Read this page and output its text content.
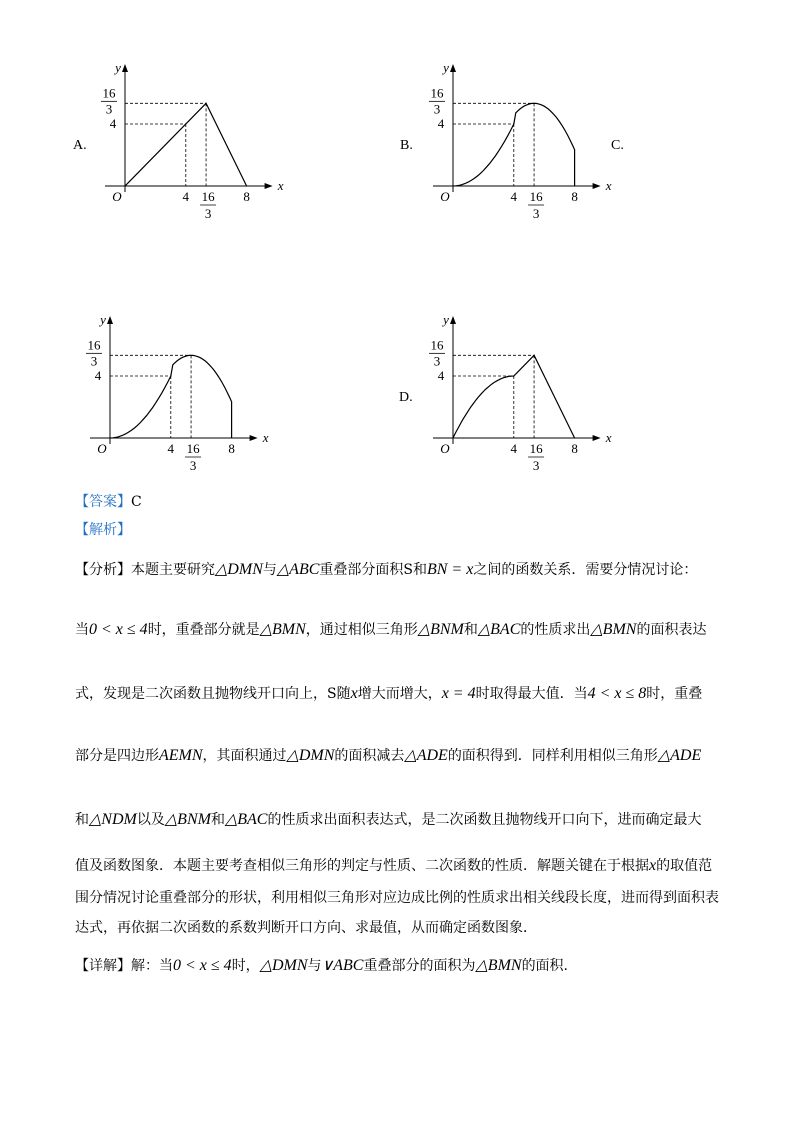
y
x
O
16
3
4
4 16
3
8
A.
y
x
O
16
3
4
4 16
3
8
B.	C.
y
x
O
16
3
4
4 16
3
8
y
x
O
16
3
4
4 16
3
8
D.
【答案】C
【解析】
【分析】本题主要研究△DMN与△ABC重叠部分面积S和BN = x之间的函数关系．需要分情况讨论：
当0 < x ≤ 4时，重叠部分就是△BMN，通过相似三角形△BNM和△BAC的性质求出△BMN的面积表达
式，发现是二次函数且抛物线开口向上，S随x增大而增大，x = 4时取得最大值．当4 < x ≤ 8时，重叠
部分是四边形AEMN，其面积通过△DMN的面积减去△ADE的面积得到．同样利用相似三角形△ADE
和△NDM以及△BNM和△BAC的性质求出面积表达式，是二次函数且抛物线开口向下，进而确定最大
值及函数图象．本题主要考查相似三角形的判定与性质、二次函数的性质．解题关键在于根据x的取值范
围分情况讨论重叠部分的形状，利用相似三角形对应边成比例的性质求出相关线段长度，进而得到面积表
达式，再依据二次函数的系数判断开口方向、求最值，从而确定函数图象．
【详解】解：当0 < x ≤ 4时，△DMN与∨ABC重叠部分的面积为△BMN的面积.
